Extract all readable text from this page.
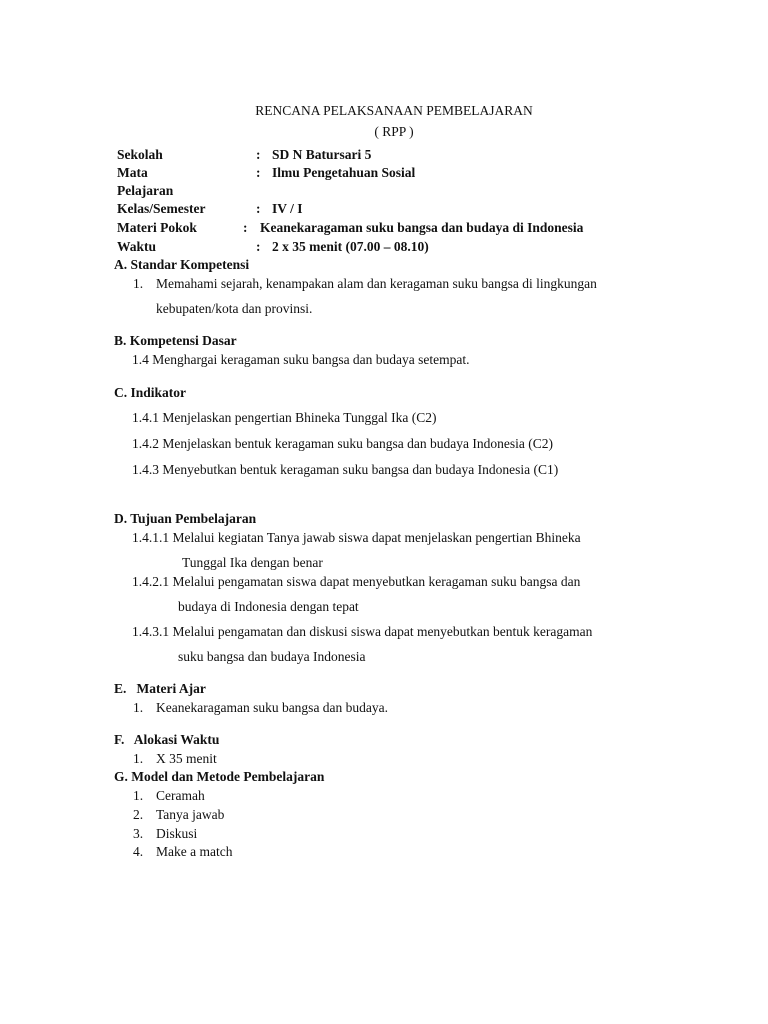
RENCANA PELAKSANAAN PEMBELAJARAN
( RPP )
Sekolah	: SD N Batursari 5
Mata
Pelajaran
: Ilmu Pengetahuan Sosial
Kelas/Semester	: IV / I
Materi Pokok	: Keanekaragaman suku bangsa dan budaya di Indonesia
Waktu	: 2 x 35 menit (07.00 – 08.10)
A. Standar Kompetensi
1. Memahami sejarah, kenampakan alam dan keragaman suku bangsa di lingkungan
kebupaten/kota dan provinsi.
B. Kompetensi Dasar
1.4 Menghargai keragaman suku bangsa dan budaya setempat.
C. Indikator
1.4.1 Menjelaskan pengertian Bhineka Tunggal Ika (C2)
1.4.2 Menjelaskan bentuk keragaman suku bangsa dan budaya Indonesia (C2)
1.4.3 Menyebutkan bentuk keragaman suku bangsa dan budaya Indonesia (C1)
D. Tujuan Pembelajaran
1.4.1.1 Melalui kegiatan Tanya jawab siswa dapat menjelaskan pengertian Bhineka
Tunggal Ika dengan benar
1.4.2.1 Melalui pengamatan siswa dapat menyebutkan keragaman suku bangsa dan
budaya di Indonesia dengan tepat
1.4.3.1 Melalui pengamatan dan diskusi siswa dapat menyebutkan bentuk keragaman
suku bangsa dan budaya Indonesia
E.   Materi Ajar
1. Keanekaragaman suku bangsa dan budaya.
F.   Alokasi Waktu
1. X 35 menit
G. Model dan Metode Pembelajaran
1. Ceramah
2. Tanya jawab
3. Diskusi
4. Make a match
